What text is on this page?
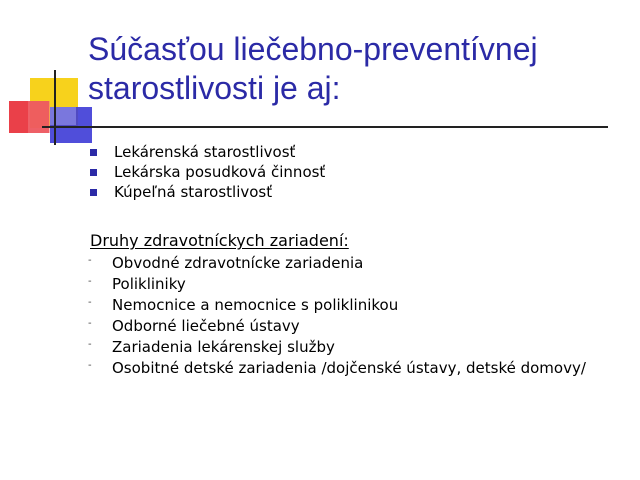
Súčasťou liečebno-preventívnej starostlivosti je aj:
Lekárenská starostlivosť
Lekárska posudková činnosť
Kúpeľná starostlivosť
Druhy zdravotníckych zariadení:
-	Obvodné zdravotnícke zariadenia
-	Polikliniky
-	Nemocnice a nemocnice s poliklinikou
-	Odborné liečebné ústavy
-	Zariadenia lekárenskej služby
-	Osobitné detské zariadenia /dojčenské ústavy, detské domovy/
